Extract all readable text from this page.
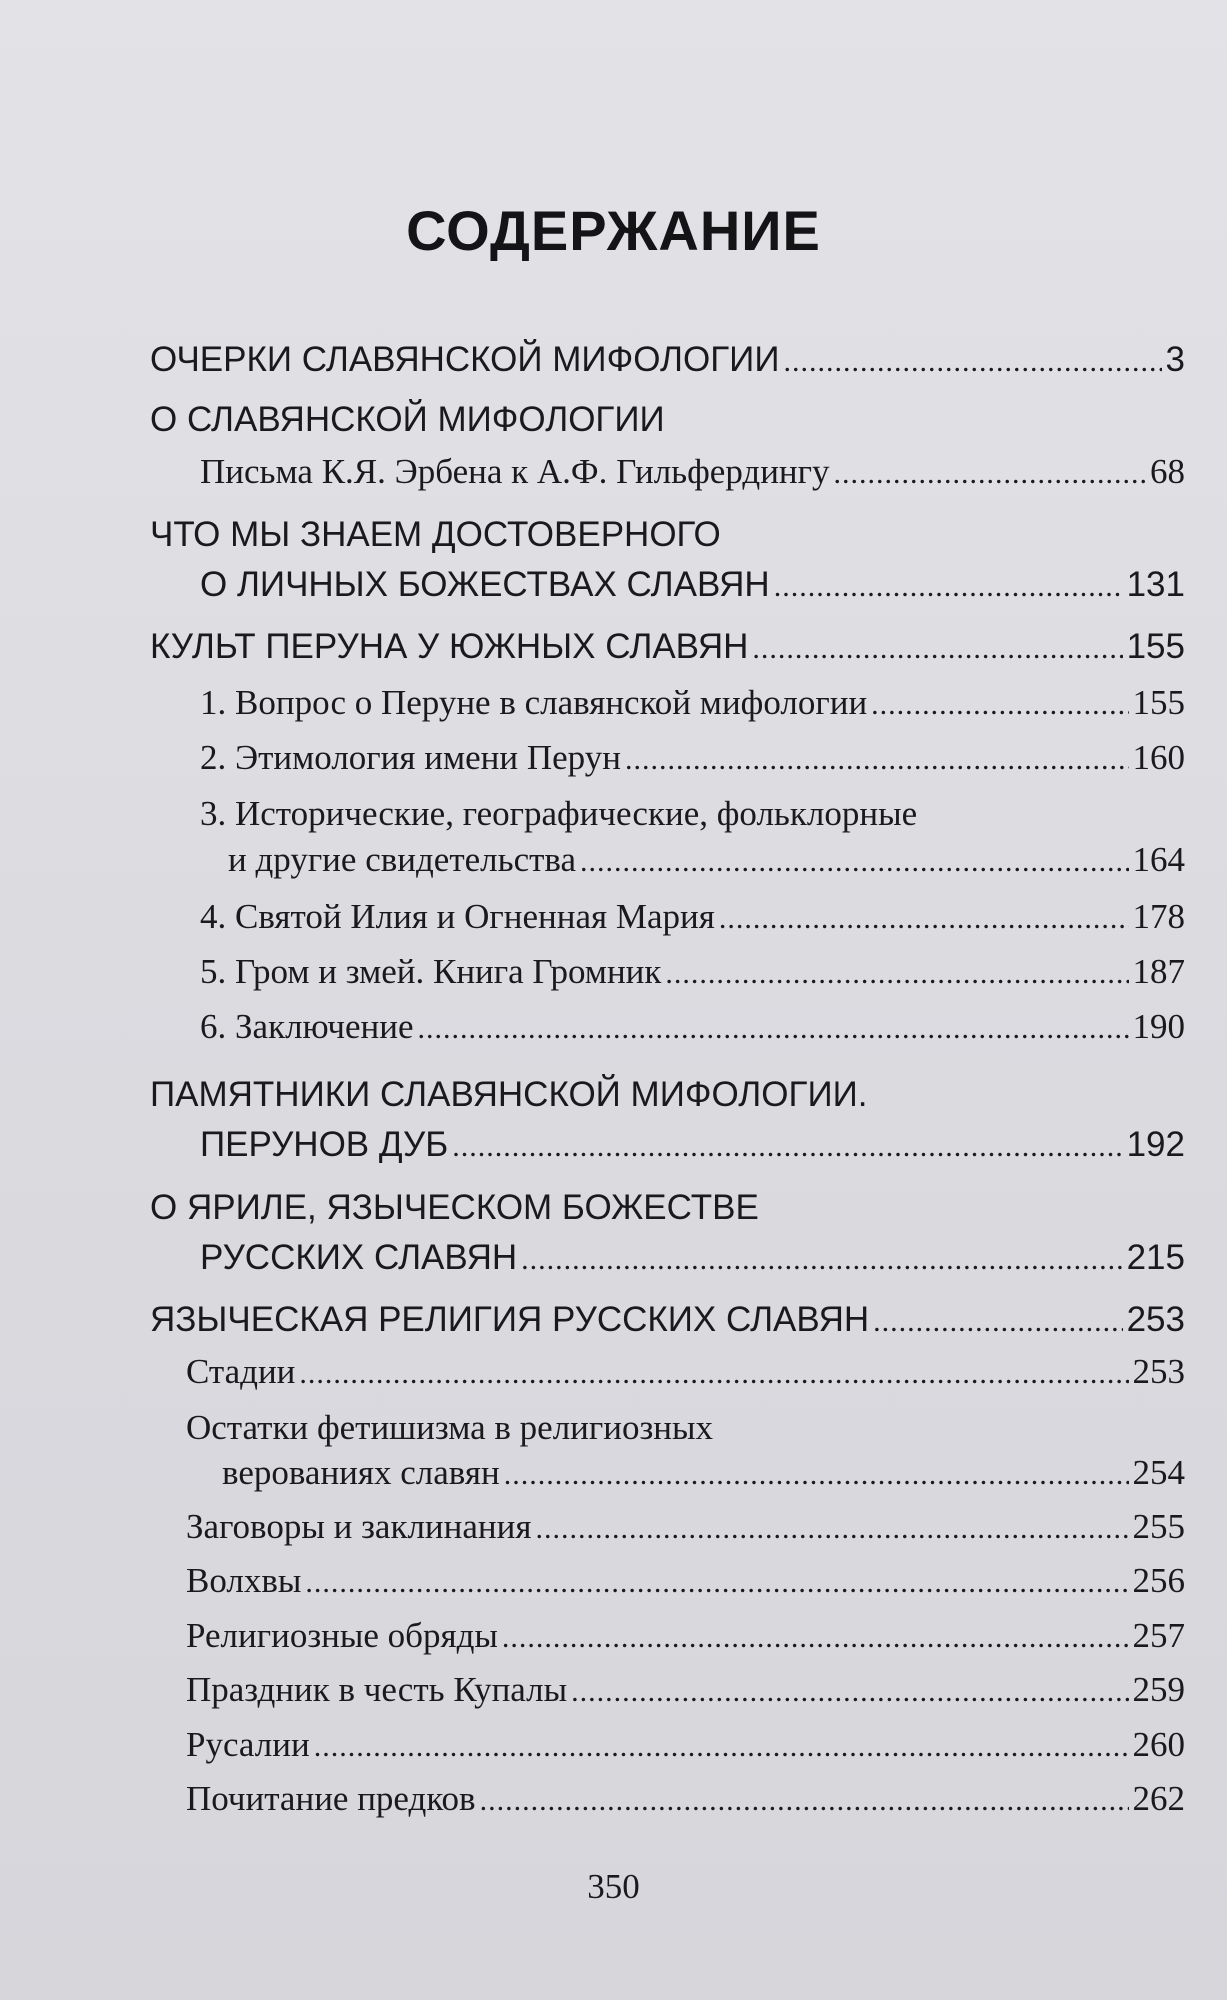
СОДЕРЖАНИЕ
ОЧЕРКИ СЛАВЯНСКОЙ МИФОЛОГИИ .....	3
О СЛАВЯНСКОЙ МИФОЛОГИИ
Письма К.Я. Эрбена к А.Ф. Гильфердингу .....	68
ЧТО МЫ ЗНАЕМ ДОСТОВЕРНОГО
О ЛИЧНЫХ БОЖЕСТВАХ СЛАВЯН .....	131
КУЛЬТ ПЕРУНА У ЮЖНЫХ СЛАВЯН .....	155
1. Вопрос о Перуне в славянской мифологии .....	155
2. Этимология имени Перун .....	160
3. Исторические, географические, фольклорные
и другие свидетельства .....	164
4. Святой Илия и Огненная Мария .....	178
5. Гром и змей. Книга Громник .....	187
6. Заключение .....	190
ПАМЯТНИКИ СЛАВЯНСКОЙ МИФОЛОГИИ.
ПЕРУНОВ ДУБ .....	192
О ЯРИЛЕ, ЯЗЫЧЕСКОМ БОЖЕСТВЕ
РУССКИХ СЛАВЯН .....	215
ЯЗЫЧЕСКАЯ РЕЛИГИЯ РУССКИХ СЛАВЯН .....	253
Стадии .....	253
Остатки фетишизма в религиозных
верованиях славян .....	254
Заговоры и заклинания .....	255
Волхвы .....	256
Религиозные обряды .....	257
Праздник в честь Купалы .....	259
Русалии .....	260
Почитание предков .....	262
350
